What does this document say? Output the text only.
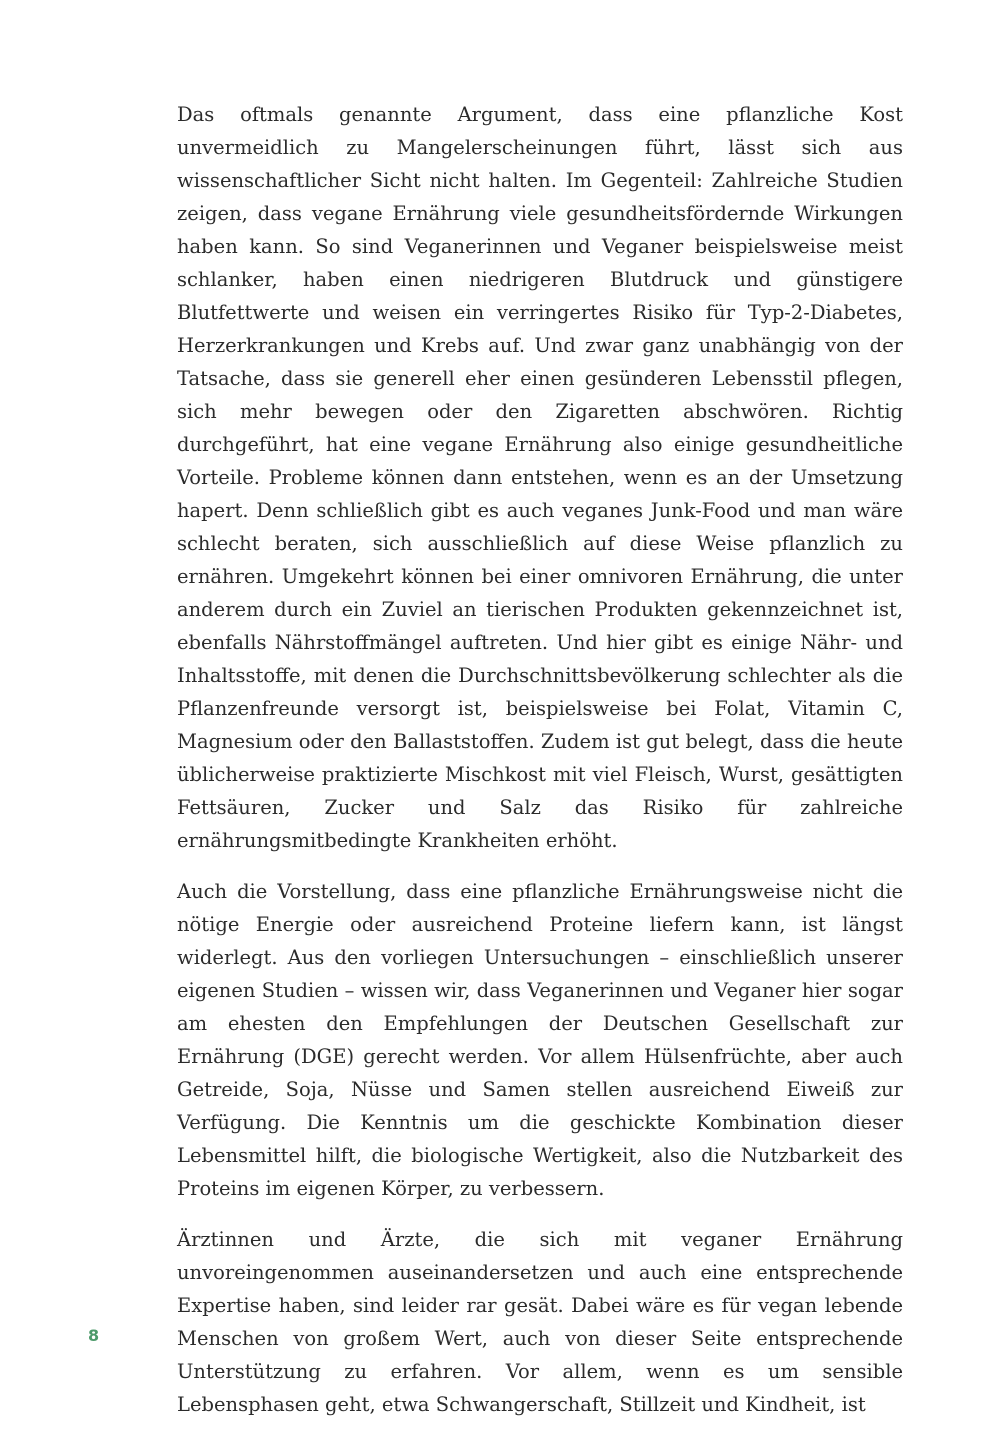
Das oftmals genannte Argument, dass eine pflanzliche Kost unvermeidlich zu Mangelerscheinungen führt, lässt sich aus wissenschaftlicher Sicht nicht halten. Im Gegenteil: Zahlreiche Studien zeigen, dass vegane Ernährung viele gesundheitsfördernde Wirkungen haben kann. So sind Veganerinnen und Veganer beispielsweise meist schlanker, haben einen niedrigeren Blutdruck und günstigere Blutfettwerte und weisen ein verringertes Risiko für Typ-2-Diabetes, Herzerkrankungen und Krebs auf. Und zwar ganz unabhängig von der Tatsache, dass sie generell eher einen gesünderen Lebensstil pflegen, sich mehr bewegen oder den Zigaretten abschwören. Richtig durchgeführt, hat eine vegane Ernährung also einige gesundheitliche Vorteile. Probleme können dann entstehen, wenn es an der Umsetzung hapert. Denn schließlich gibt es auch veganes Junk-Food und man wäre schlecht beraten, sich ausschließlich auf diese Weise pflanzlich zu ernähren. Umgekehrt können bei einer omnivoren Ernährung, die unter anderem durch ein Zuviel an tierischen Produkten gekennzeichnet ist, ebenfalls Nährstoffmängel auftreten. Und hier gibt es einige Nähr- und Inhaltsstoffe, mit denen die Durchschnittsbevölkerung schlechter als die Pflanzenfreunde versorgt ist, beispielsweise bei Folat, Vitamin C, Magnesium oder den Ballaststoffen. Zudem ist gut belegt, dass die heute üblicherweise praktizierte Mischkost mit viel Fleisch, Wurst, gesättigten Fettsäuren, Zucker und Salz das Risiko für zahlreiche ernährungsmitbedingte Krankheiten erhöht.

Auch die Vorstellung, dass eine pflanzliche Ernährungsweise nicht die nötige Energie oder ausreichend Proteine liefern kann, ist längst widerlegt. Aus den vorliegen Untersuchungen – einschließlich unserer eigenen Studien – wissen wir, dass Veganerinnen und Veganer hier sogar am ehesten den Empfehlungen der Deutschen Gesellschaft zur Ernährung (DGE) gerecht werden. Vor allem Hülsenfrüchte, aber auch Getreide, Soja, Nüsse und Samen stellen ausreichend Eiweiß zur Verfügung. Die Kenntnis um die geschickte Kombination dieser Lebensmittel hilft, die biologische Wertigkeit, also die Nutzbarkeit des Proteins im eigenen Körper, zu verbessern.

Ärztinnen und Ärzte, die sich mit veganer Ernährung unvoreingenommen auseinandersetzen und auch eine entsprechende Expertise haben, sind leider rar gesät. Dabei wäre es für vegan lebende Menschen von großem Wert, auch von dieser Seite entsprechende Unterstützung zu erfahren. Vor allem, wenn es um sensible Lebensphasen geht, etwa Schwangerschaft, Stillzeit und Kindheit, ist

8
